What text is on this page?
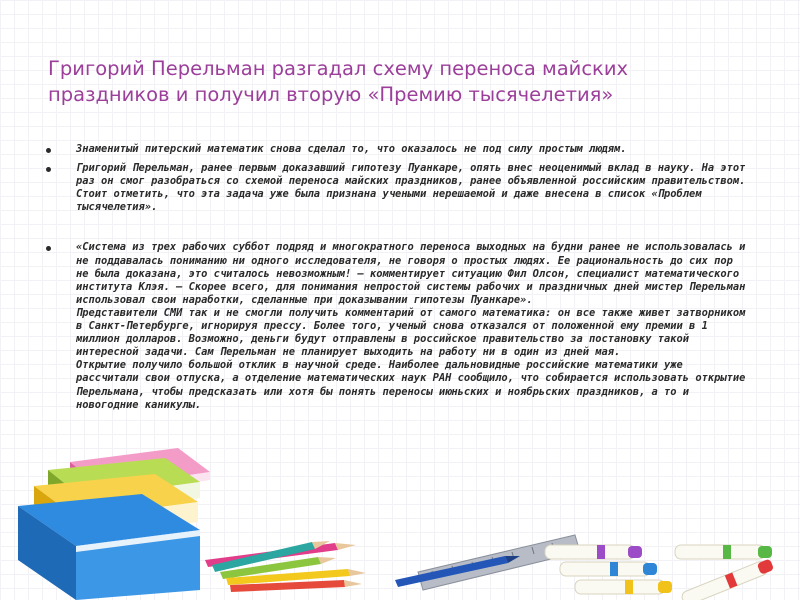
Григорий Перельман разгадал схему переноса майских праздников и получил вторую «Премию тысячелетия»
Знаменитый питерский математик снова сделал то, что оказалось не под силу простым людям.
Григорий Перельман, ранее первым доказавший гипотезу Пуанкаре, опять внес неоценимый вклад в науку. На этот раз он смог разобраться со схемой переноса майских праздников, ранее объявленной российским правительством. Стоит отметить, что эта задача уже была признана учеными нерешаемой и даже внесена в список «Проблем тысячелетия».
«Система из трех рабочих суббот подряд и многократного переноса выходных на будни ранее не использовалась и не поддавалась пониманию ни одного исследователя, не говоря о простых людях. Ее рациональность до сих пор не была доказана, это считалось невозможным! — комментирует ситуацию Фил Олсон, специалист математического института Клэя. — Скорее всего, для понимания непростой системы рабочих и праздничных дней мистер Перельман использовал свои наработки, сделанные при доказывании гипотезы Пуанкаре».
Представители СМИ так и не смогли получить комментарий от самого математика: он все также живет затворником в Санкт-Петербурге, игнорируя прессу. Более того, ученый снова отказался от положенной ему премии в 1 миллион долларов. Возможно, деньги будут отправлены в российское правительство за постановку такой интересной задачи. Сам Перельман не планирует выходить на работу ни в один из дней мая.
Открытие получило большой отклик в научной среде. Наиболее дальновидные российские математики уже рассчитали свои отпуска, а отделение математических наук РАН сообщило, что собирается использовать открытие Перельмана, чтобы предсказать или хотя бы понять переносы июньских и ноябрьских праздников, а то и новогодние каникулы.
